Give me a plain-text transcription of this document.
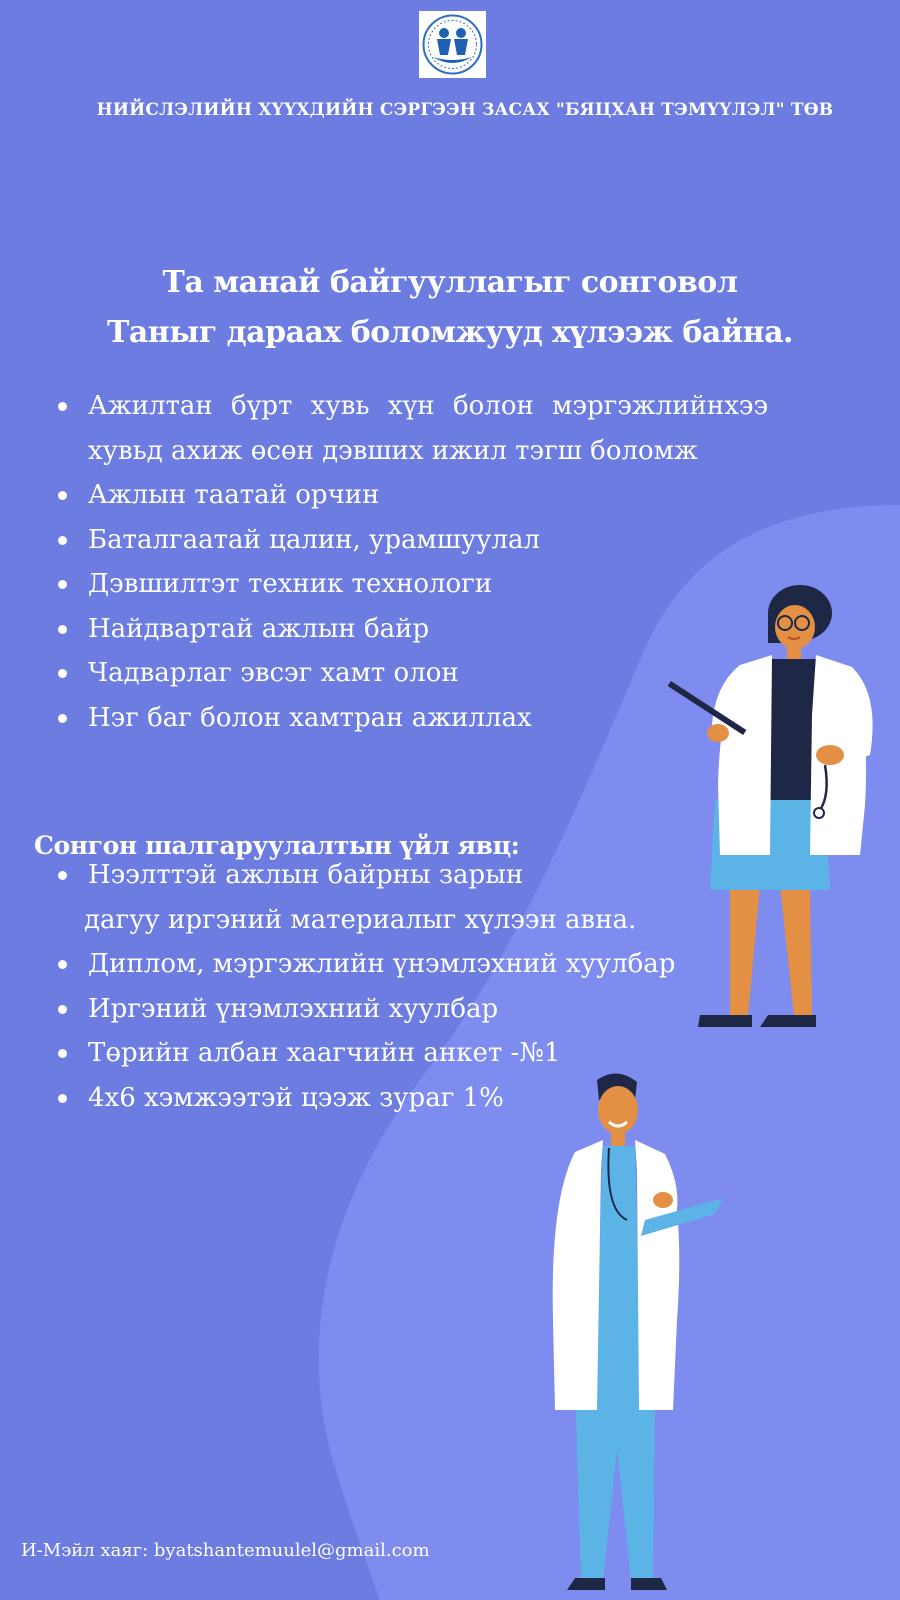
НИЙСЛЭЛИЙН ХҮҮХДИЙН СЭРГЭЭН ЗАСАХ "БЯЦХАН ТЭМҮҮЛЭЛ" ТӨВ
Та манай байгууллагыг сонговол
Таныг дараах боломжууд хүлээж байна.
Ажилтан бүрт хувь хүн болон мэргэжлийнхээ хувьд ахиж өсөн дэвших ижил тэгш боломж
Ажлын таатай орчин
Баталгаатай цалин, урамшуулал
Дэвшилтэт техник технологи
Найдвартай ажлын байр
Чадварлаг эвсэг хамт олон
Нэг баг болон хамтран ажиллах
Сонгон шалгаруулалтын үйл явц:
Нээлттэй ажлын байрны зарын
дагуу иргэний материалыг хүлээн авна.
Диплом, мэргэжлийн үнэмлэхний хуулбар
Иргэний үнэмлэхний хуулбар
Төрийн албан хаагчийн анкет -№1
4х6 хэмжээтэй цээж зураг 1%
И-Мэйл хаяг: byatshantemuulel@gmail.com
